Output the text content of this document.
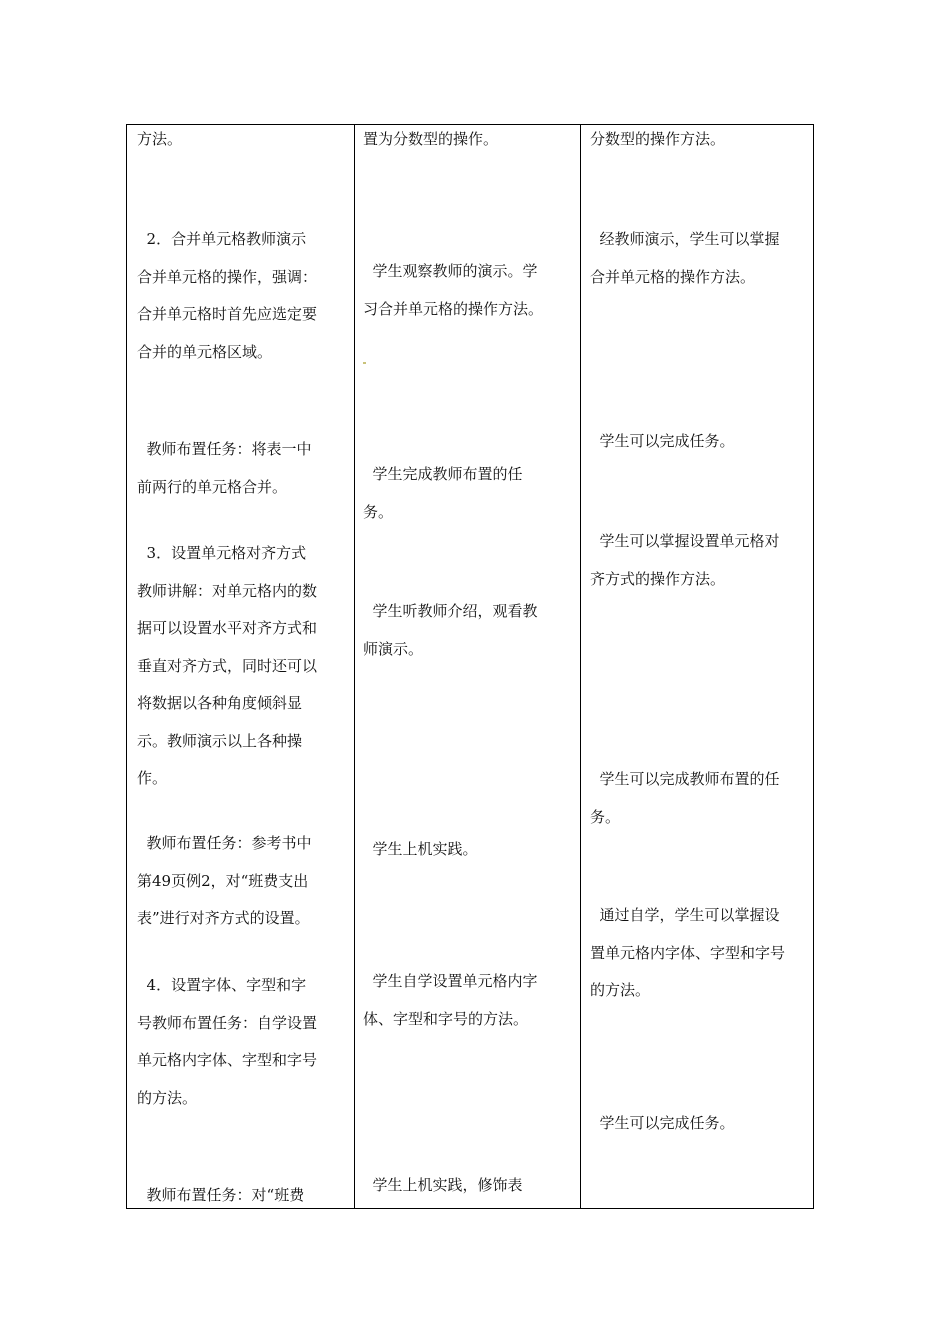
方法。

2．合并单元格教师演示
合并单元格的操作，强调：
合并单元格时首先应选定要
合并的单元格区域。

教师布置任务：将表一中
前两行的单元格合并。

3．设置单元格对齐方式
教师讲解：对单元格内的数
据可以设置水平对齐方式和
垂直对齐方式，同时还可以
将数据以各种角度倾斜显
示。教师演示以上各种操
作。

教师布置任务：参考书中
第49页例2，对“班费支出
表”进行对齐方式的设置。

4．设置字体、字型和字
号教师布置任务：自学设置
单元格内字体、字型和字号
的方法。

教师布置任务：对“班费

置为分数型的操作。

学生观察教师的演示。学
习合并单元格的操作方法。

学生完成教师布置的任
务。

学生听教师介绍，观看教
师演示。

学生上机实践。

学生自学设置单元格内字
体、字型和字号的方法。

学生上机实践，修饰表

分数型的操作方法。

经教师演示，学生可以掌握
合并单元格的操作方法。

学生可以完成任务。

学生可以掌握设置单元格对
齐方式的操作方法。

学生可以完成教师布置的任
务。

通过自学，学生可以掌握设
置单元格内字体、字型和字号
的方法。

学生可以完成任务。
